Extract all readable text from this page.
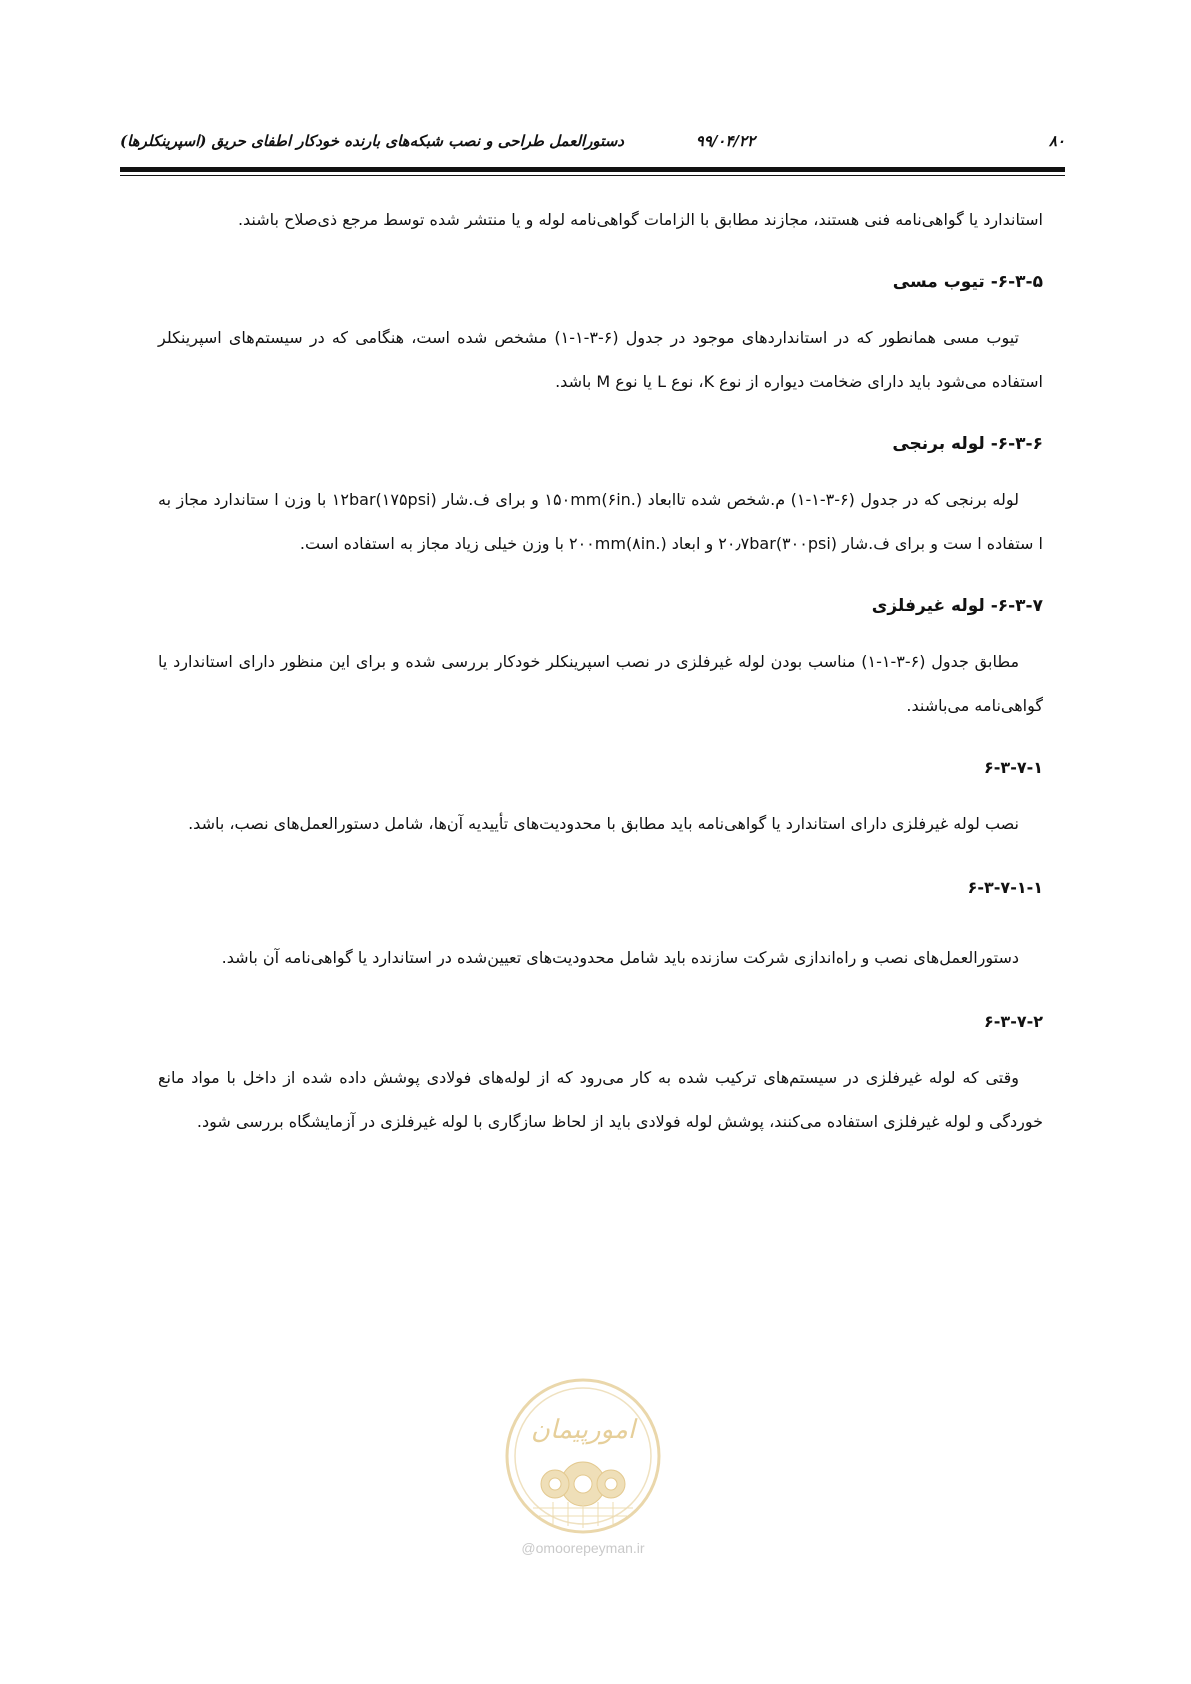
۸۰
۹۹/۰۴/۲۲
دستورالعمل طراحی و نصب شبکه‌های بارنده خودکار اطفای حریق (اسپرینکلرها)

استاندارد یا گواهی‌نامه فنی هستند، مجازند مطابق با الزامات گواهی‌نامه لوله و یا منتشر شده توسط مرجع ذی‌صلاح باشند.

۶-۳-۵- تیوب مسی

تیوب مسی همانطور که در استانداردهای موجود در جدول (۶-۳-۱-۱) مشخص شده است، هنگامی که در سیستم‌های اسپرینکلر استفاده می‌شود باید دارای ضخامت دیواره از نوع K، نوع L یا نوع M باشد.

۶-۳-۶- لوله برنجی

لوله برنجی که در جدول (۶-۳-۱-۱) م.شخص شده تاابعاد ۱۵۰mm(۶in.) و برای ف.شار ۱۲bar(۱۷۵psi) با وزن ا ستاندارد مجاز به ا ستفاده ا ست و برای ف.شار ۲۰٫۷bar(۳۰۰psi) و ابعاد ۲۰۰mm(۸in.) با وزن خیلی زیاد مجاز به استفاده است.

۶-۳-۷- لوله غیرفلزی

مطابق جدول (۶-۳-۱-۱) مناسب بودن لوله غیرفلزی در نصب اسپرینکلر خودکار بررسی شده و برای این منظور دارای استاندارد یا گواهی‌نامه می‌باشند.

۶-۳-۷-۱

نصب لوله غیرفلزی دارای استاندارد یا گواهی‌نامه باید مطابق با محدودیت‌های تأییدیه آن‌ها، شامل دستورالعمل‌های نصب، باشد.

۶-۳-۷-۱-۱

دستورالعمل‌های نصب و راه‌اندازی شرکت سازنده باید شامل محدودیت‌های تعیین‌شده در استاندارد یا گواهی‌نامه آن باشد.

۶-۳-۷-۲

وقتی که لوله غیرفلزی در سیستم‌های ترکیب شده به کار می‌رود که از لوله‌های فولادی پوشش داده شده از داخل با مواد مانع خوردگی و لوله غیرفلزی استفاده می‌کنند، پوشش لوله فولادی باید از لحاظ سازگاری با لوله غیرفلزی در آزمایشگاه بررسی شود.

امورپیمان
@omoorepeyman.ir
